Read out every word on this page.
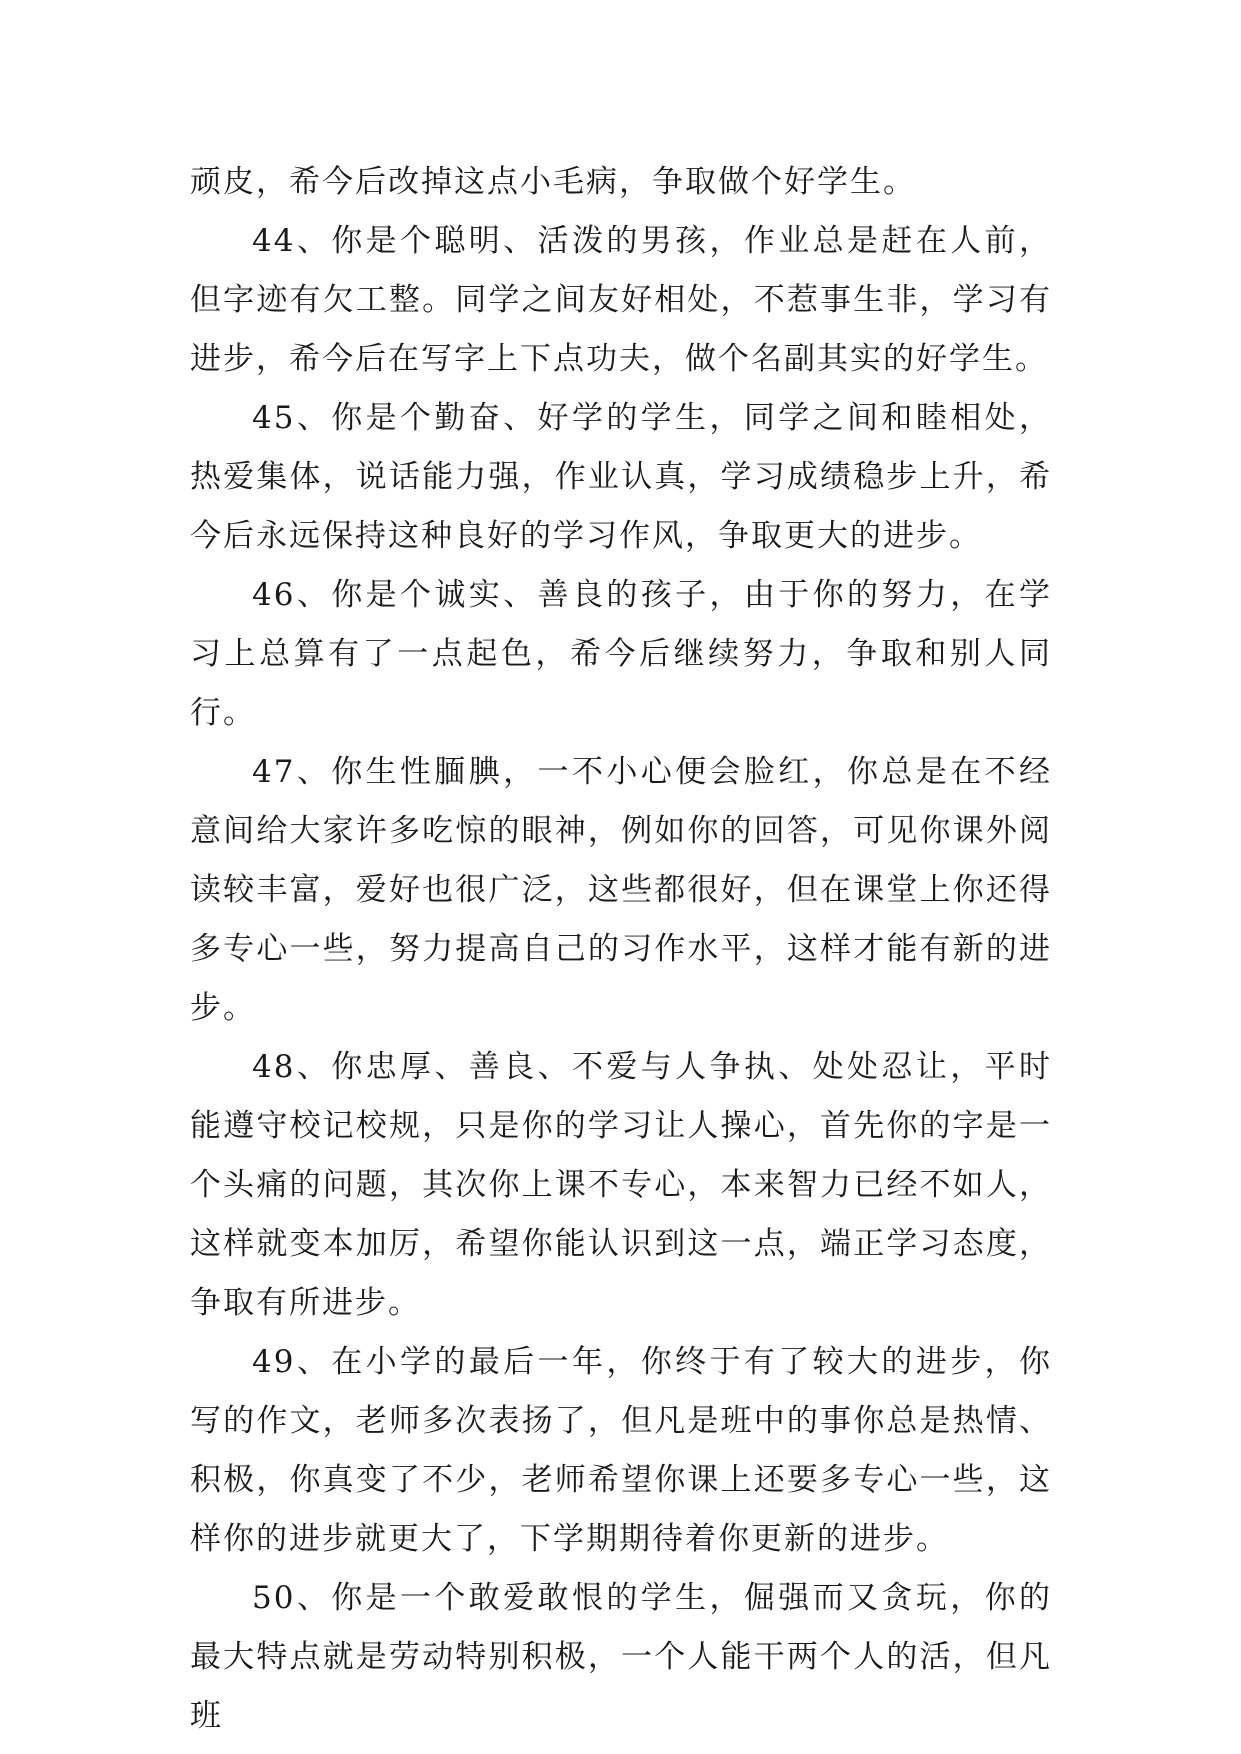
顽皮，希今后改掉这点小毛病，争取做个好学生。

44、你是个聪明、活泼的男孩，作业总是赶在人前，但字迹有欠工整。同学之间友好相处，不惹事生非，学习有进步，希今后在写字上下点功夫，做个名副其实的好学生。

45、你是个勤奋、好学的学生，同学之间和睦相处，热爱集体，说话能力强，作业认真，学习成绩稳步上升，希今后永远保持这种良好的学习作风，争取更大的进步。

46、你是个诚实、善良的孩子，由于你的努力，在学习上总算有了一点起色，希今后继续努力，争取和别人同行。

47、你生性腼腆，一不小心便会脸红，你总是在不经意间给大家许多吃惊的眼神，例如你的回答，可见你课外阅读较丰富，爱好也很广泛，这些都很好，但在课堂上你还得多专心一些，努力提高自己的习作水平，这样才能有新的进步。

48、你忠厚、善良、不爱与人争执、处处忍让，平时能遵守校记校规，只是你的学习让人操心，首先你的字是一个头痛的问题，其次你上课不专心，本来智力已经不如人，这样就变本加厉，希望你能认识到这一点，端正学习态度，争取有所进步。

49、在小学的最后一年，你终于有了较大的进步，你写的作文，老师多次表扬了，但凡是班中的事你总是热情、积极，你真变了不少，老师希望你课上还要多专心一些，这样你的进步就更大了，下学期期待着你更新的进步。

50、你是一个敢爱敢恨的学生，倔强而又贪玩，你的最大特点就是劳动特别积极，一个人能干两个人的活，但凡班
